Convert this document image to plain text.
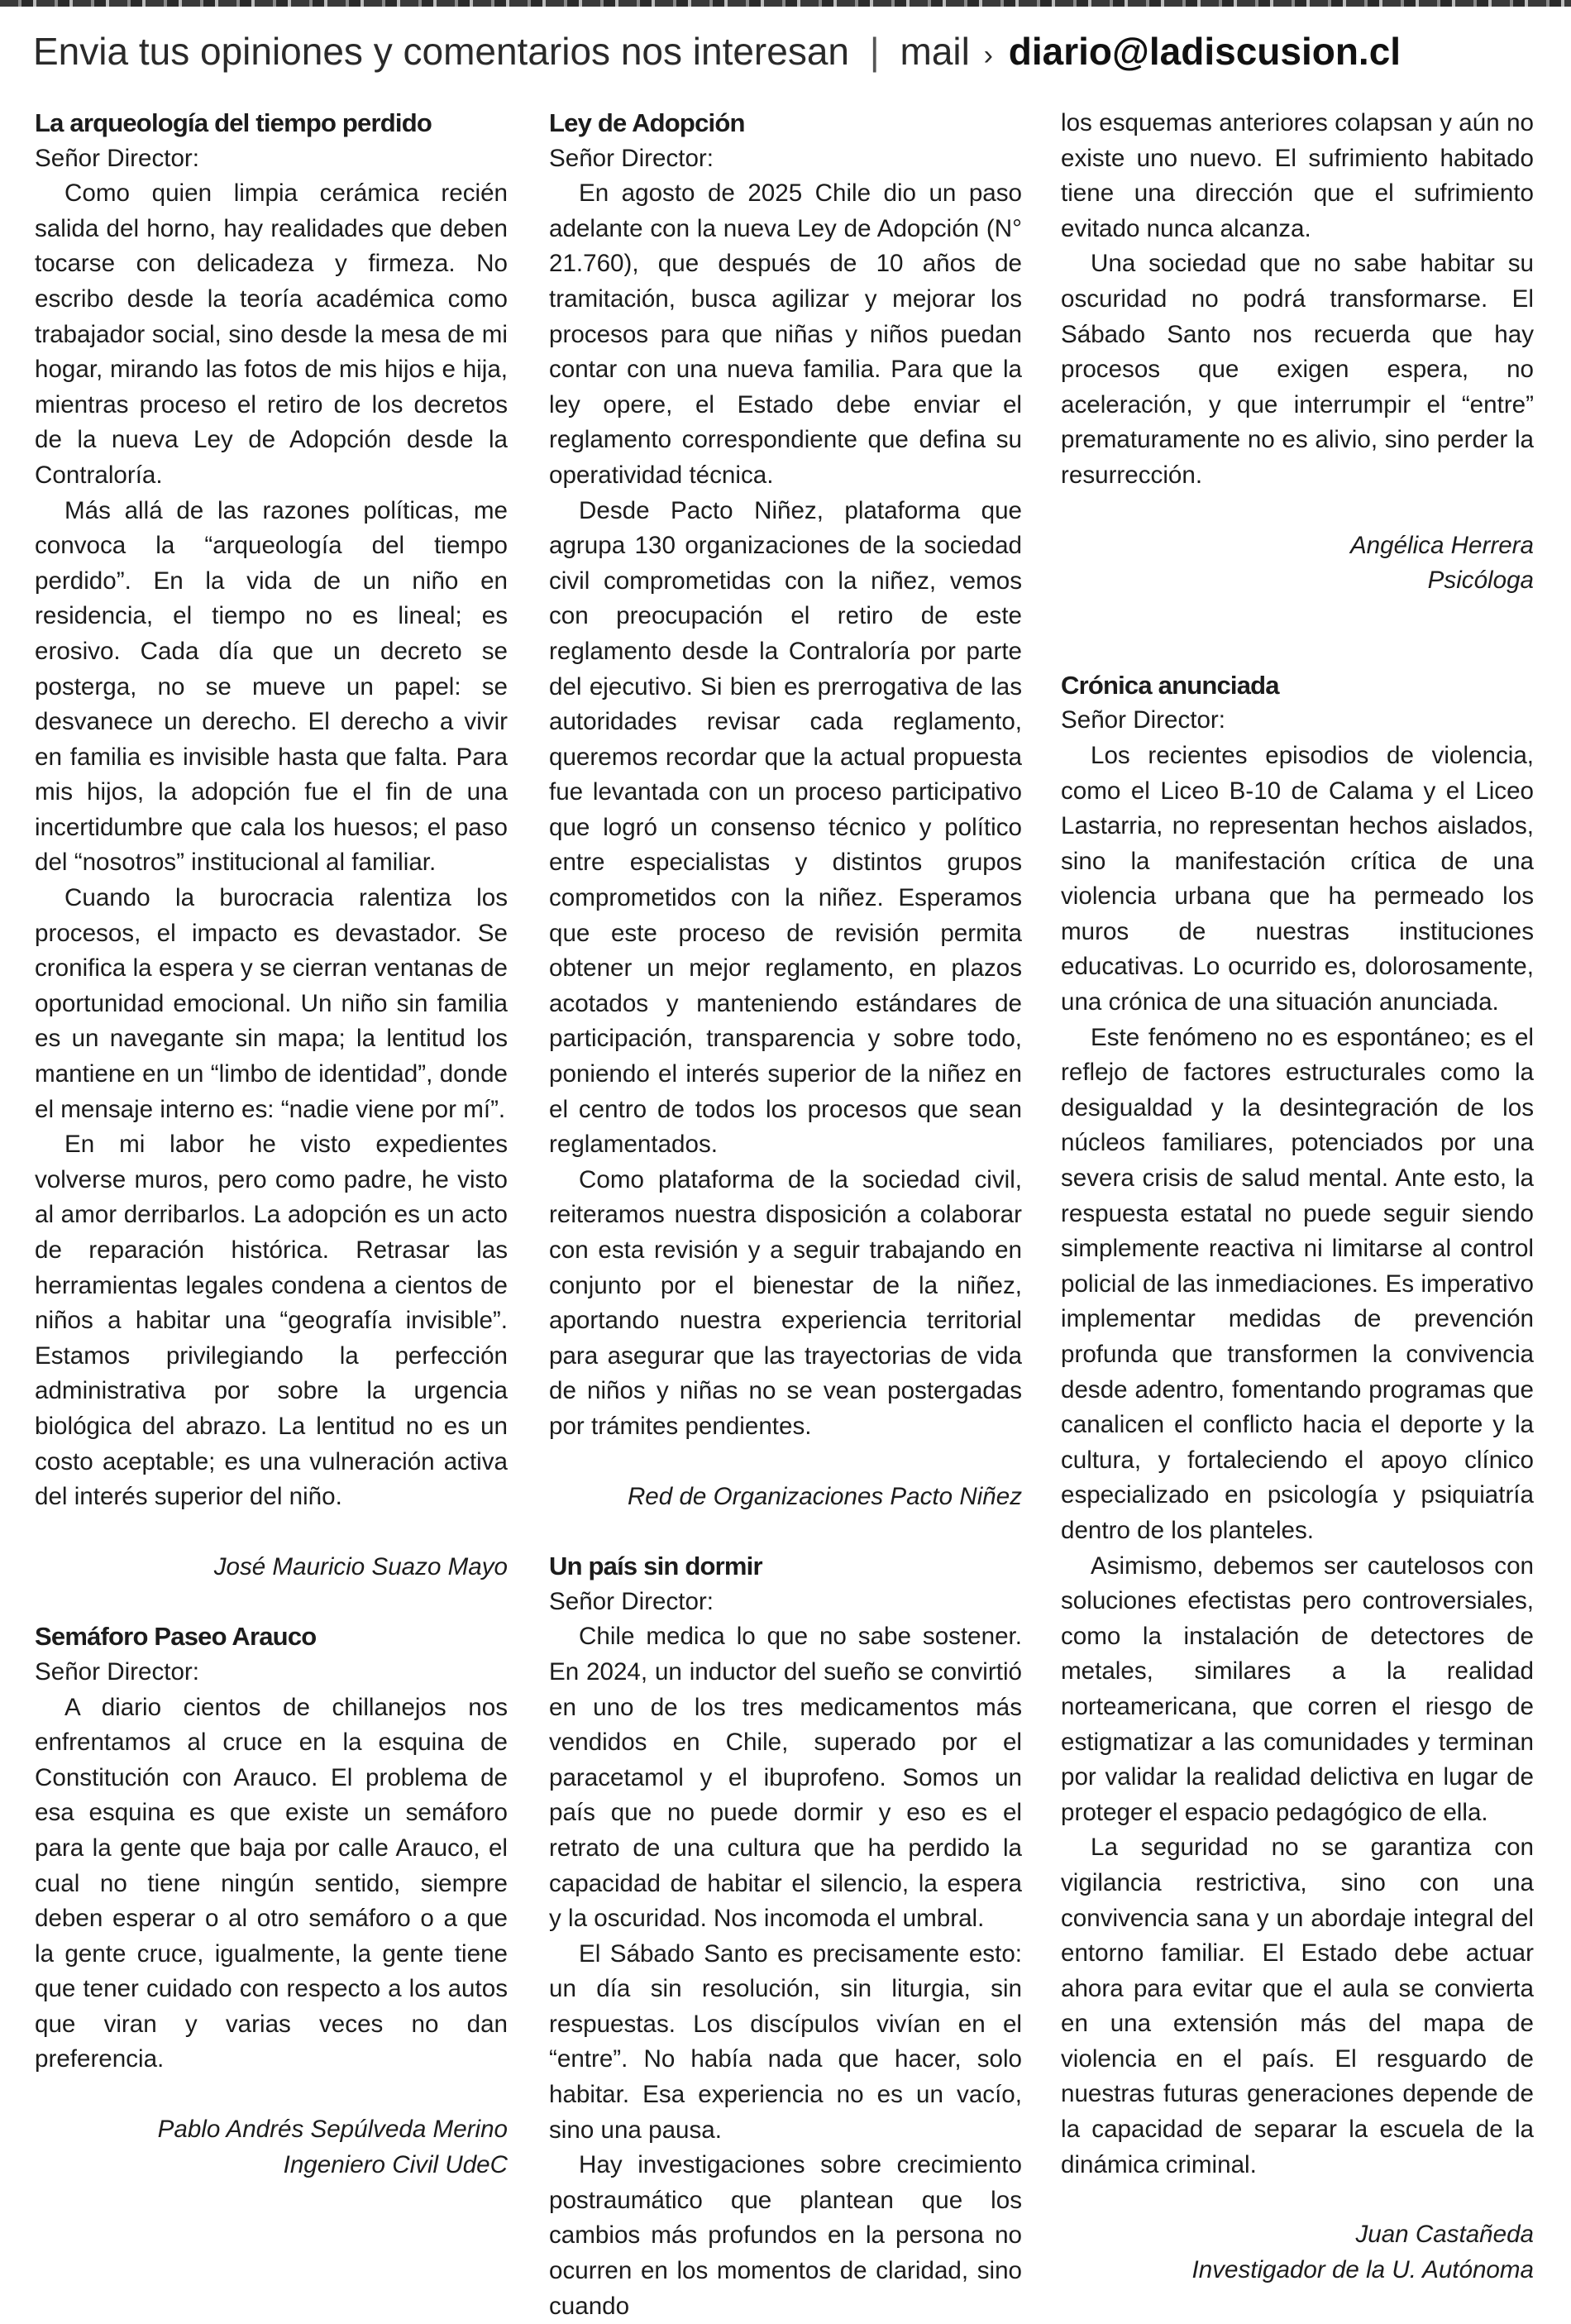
Envia tus opiniones y comentarios nos interesan | mail › diario@ladiscusion.cl
La arqueología del tiempo perdido

Señor Director:

Como quien limpia cerámica recién salida del horno, hay realidades que deben tocarse con delicadeza y firmeza. No escribo desde la teoría académica como trabajador social, sino desde la mesa de mi hogar, mirando las fotos de mis hijos e hija, mientras proceso el retiro de los decretos de la nueva Ley de Adopción desde la Contraloría.

Más allá de las razones políticas, me convoca la “arqueología del tiempo perdido”. En la vida de un niño en residencia, el tiempo no es lineal; es erosivo. Cada día que un decreto se posterga, no se mueve un papel: se desvanece un derecho. El derecho a vivir en familia es invisible hasta que falta. Para mis hijos, la adopción fue el fin de una incertidumbre que cala los huesos; el paso del “nosotros” institucional al familiar.

Cuando la burocracia ralentiza los procesos, el impacto es devastador. Se cronifica la espera y se cierran ventanas de oportunidad emocional. Un niño sin familia es un navegante sin mapa; la lentitud los mantiene en un “limbo de identidad”, donde el mensaje interno es: “nadie viene por mí”.

En mi labor he visto expedientes volverse muros, pero como padre, he visto al amor derribarlos. La adopción es un acto de reparación histórica. Retrasar las herramientas legales condena a cientos de niños a habitar una “geografía invisible”. Estamos privilegiando la perfección administrativa por sobre la urgencia biológica del abrazo. La lentitud no es un costo aceptable; es una vulneración activa del interés superior del niño.

José Mauricio Suazo Mayo

Semáforo Paseo Arauco

Señor Director:

A diario cientos de chillanejos nos enfrentamos al cruce en la esquina de Constitución con Arauco. El problema de esa esquina es que existe un semáforo para la gente que baja por calle Arauco, el cual no tiene ningún sentido, siempre deben esperar o al otro semáforo o a que la gente cruce, igualmente, la gente tiene que tener cuidado con respecto a los autos que viran y varias veces no dan preferencia.

Pablo Andrés Sepúlveda Merino

Ingeniero Civil UdeC

Ley de Adopción

Señor Director:

En agosto de 2025 Chile dio un paso adelante con la nueva Ley de Adopción (N° 21.760), que después de 10 años de tramitación, busca agilizar y mejorar los procesos para que niñas y niños puedan contar con una nueva familia. Para que la ley opere, el Estado debe enviar el reglamento correspondiente que defina su operatividad técnica.

Desde Pacto Niñez, plataforma que agrupa 130 organizaciones de la sociedad civil comprometidas con la niñez, vemos con preocupación el retiro de este reglamento desde la Contraloría por parte del ejecutivo. Si bien es prerrogativa de las autoridades revisar cada reglamento, queremos recordar que la actual propuesta fue levantada con un proceso participativo que logró un consenso técnico y político entre especialistas y distintos grupos comprometidos con la niñez. Esperamos que este proceso de revisión permita obtener un mejor reglamento, en plazos acotados y manteniendo estándares de participación, transparencia y sobre todo, poniendo el interés superior de la niñez en el centro de todos los procesos que sean reglamentados.

Como plataforma de la sociedad civil, reiteramos nuestra disposición a colaborar con esta revisión y a seguir trabajando en conjunto por el bienestar de la niñez, aportando nuestra experiencia territorial para asegurar que las trayectorias de vida de niños y niñas no se vean postergadas por trámites pendientes.

Red de Organizaciones Pacto Niñez

Un país sin dormir

Señor Director:

Chile medica lo que no sabe sostener. En 2024, un inductor del sueño se convirtió en uno de los tres medicamentos más vendidos en Chile, superado por el paracetamol y el ibuprofeno. Somos un país que no puede dormir y eso es el retrato de una cultura que ha perdido la capacidad de habitar el silencio, la espera y la oscuridad. Nos incomoda el umbral.

El Sábado Santo es precisamente esto: un día sin resolución, sin liturgia, sin respuestas. Los discípulos vivían en el “entre”. No había nada que hacer, solo habitar. Esa experiencia no es un vacío, sino una pausa.

Hay investigaciones sobre crecimiento postraumático que plantean que los cambios más profundos en la persona no ocurren en los momentos de claridad, sino cuando

los esquemas anteriores colapsan y aún no existe uno nuevo. El sufrimiento habitado tiene una dirección que el sufrimiento evitado nunca alcanza.

Una sociedad que no sabe habitar su oscuridad no podrá transformarse. El Sábado Santo nos recuerda que hay procesos que exigen espera, no aceleración, y que interrumpir el “entre” prematuramente no es alivio, sino perder la resurrección.

Angélica Herrera

Psicóloga

Crónica anunciada

Señor Director:

Los recientes episodios de violencia, como el Liceo B-10 de Calama y el Liceo Lastarria, no representan hechos aislados, sino la manifestación crítica de una violencia urbana que ha permeado los muros de nuestras instituciones educativas. Lo ocurrido es, dolorosamente, una crónica de una situación anunciada.

Este fenómeno no es espontáneo; es el reflejo de factores estructurales como la desigualdad y la desintegración de los núcleos familiares, potenciados por una severa crisis de salud mental. Ante esto, la respuesta estatal no puede seguir siendo simplemente reactiva ni limitarse al control policial de las inmediaciones. Es imperativo implementar medidas de prevención profunda que transformen la convivencia desde adentro, fomentando programas que canalicen el conflicto hacia el deporte y la cultura, y fortaleciendo el apoyo clínico especializado en psicología y psiquiatría dentro de los planteles.

Asimismo, debemos ser cautelosos con soluciones efectistas pero controversiales, como la instalación de detectores de metales, similares a la realidad norteamericana, que corren el riesgo de estigmatizar a las comunidades y terminan por validar la realidad delictiva en lugar de proteger el espacio pedagógico de ella.

La seguridad no se garantiza con vigilancia restrictiva, sino con una convivencia sana y un abordaje integral del entorno familiar. El Estado debe actuar ahora para evitar que el aula se convierta en una extensión más del mapa de violencia en el país. El resguardo de nuestras futuras generaciones depende de la capacidad de separar la escuela de la dinámica criminal.

Juan Castañeda

Investigador de la U. Autónoma
